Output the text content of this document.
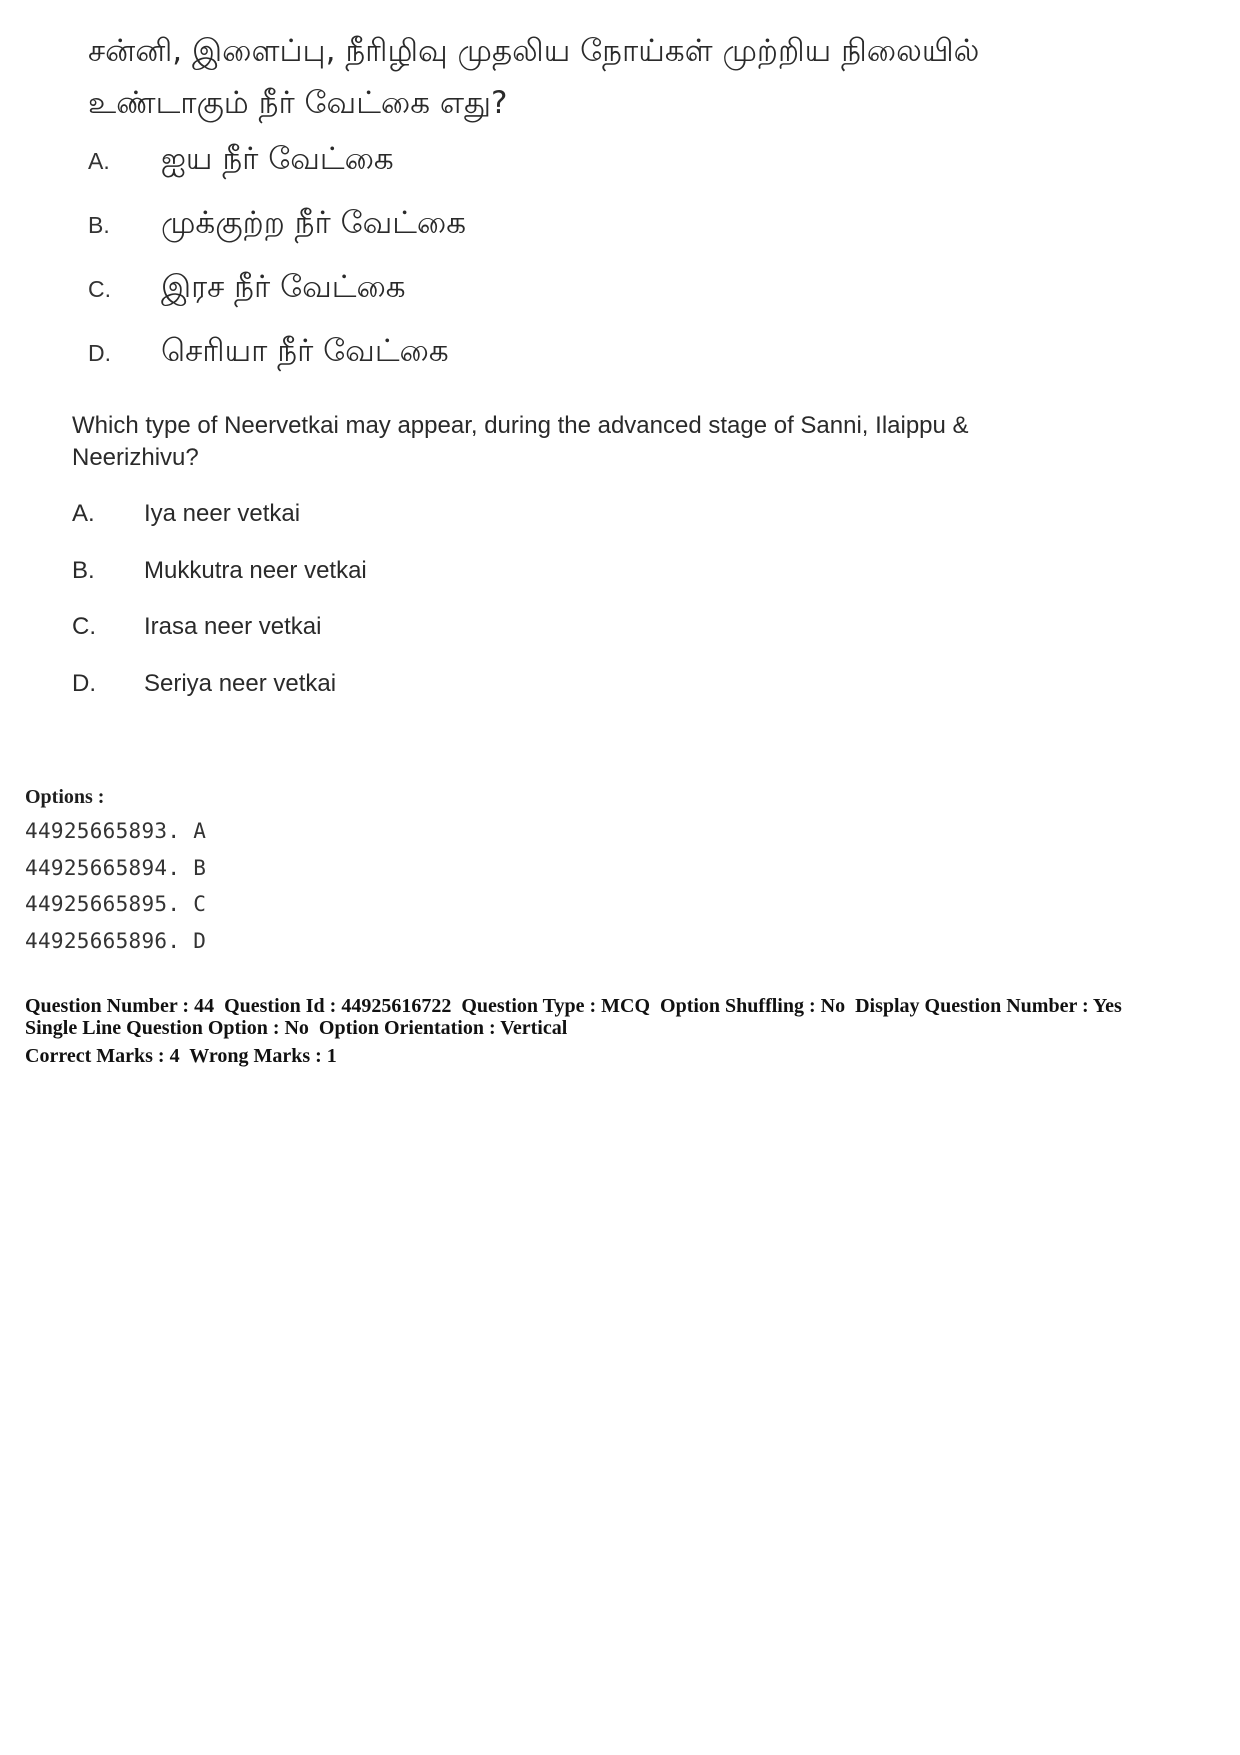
சன்னி, இளைப்பு, நீரிழிவு முதலிய நோய்கள் முற்றிய நிலையில்
உண்டாகும் நீர் வேட்கை எது?
A.	ஐய நீர் வேட்கை
B.	முக்குற்ற நீர் வேட்கை
C.	இரச நீர் வேட்கை
D.	செரியா நீர் வேட்கை
Which type of Neervetkai may appear, during the advanced stage of Sanni, Ilaippu & Neerizhivu?
A.	Iya neer vetkai
B.	Mukkutra neer vetkai
C.	Irasa neer vetkai
D.	Seriya neer vetkai
Options :
44925665893. A
44925665894. B
44925665895. C
44925665896. D
Question Number : 44  Question Id : 44925616722  Question Type : MCQ  Option Shuffling : No  Display Question Number : Yes
Single Line Question Option : No  Option Orientation : Vertical
Correct Marks : 4  Wrong Marks : 1
